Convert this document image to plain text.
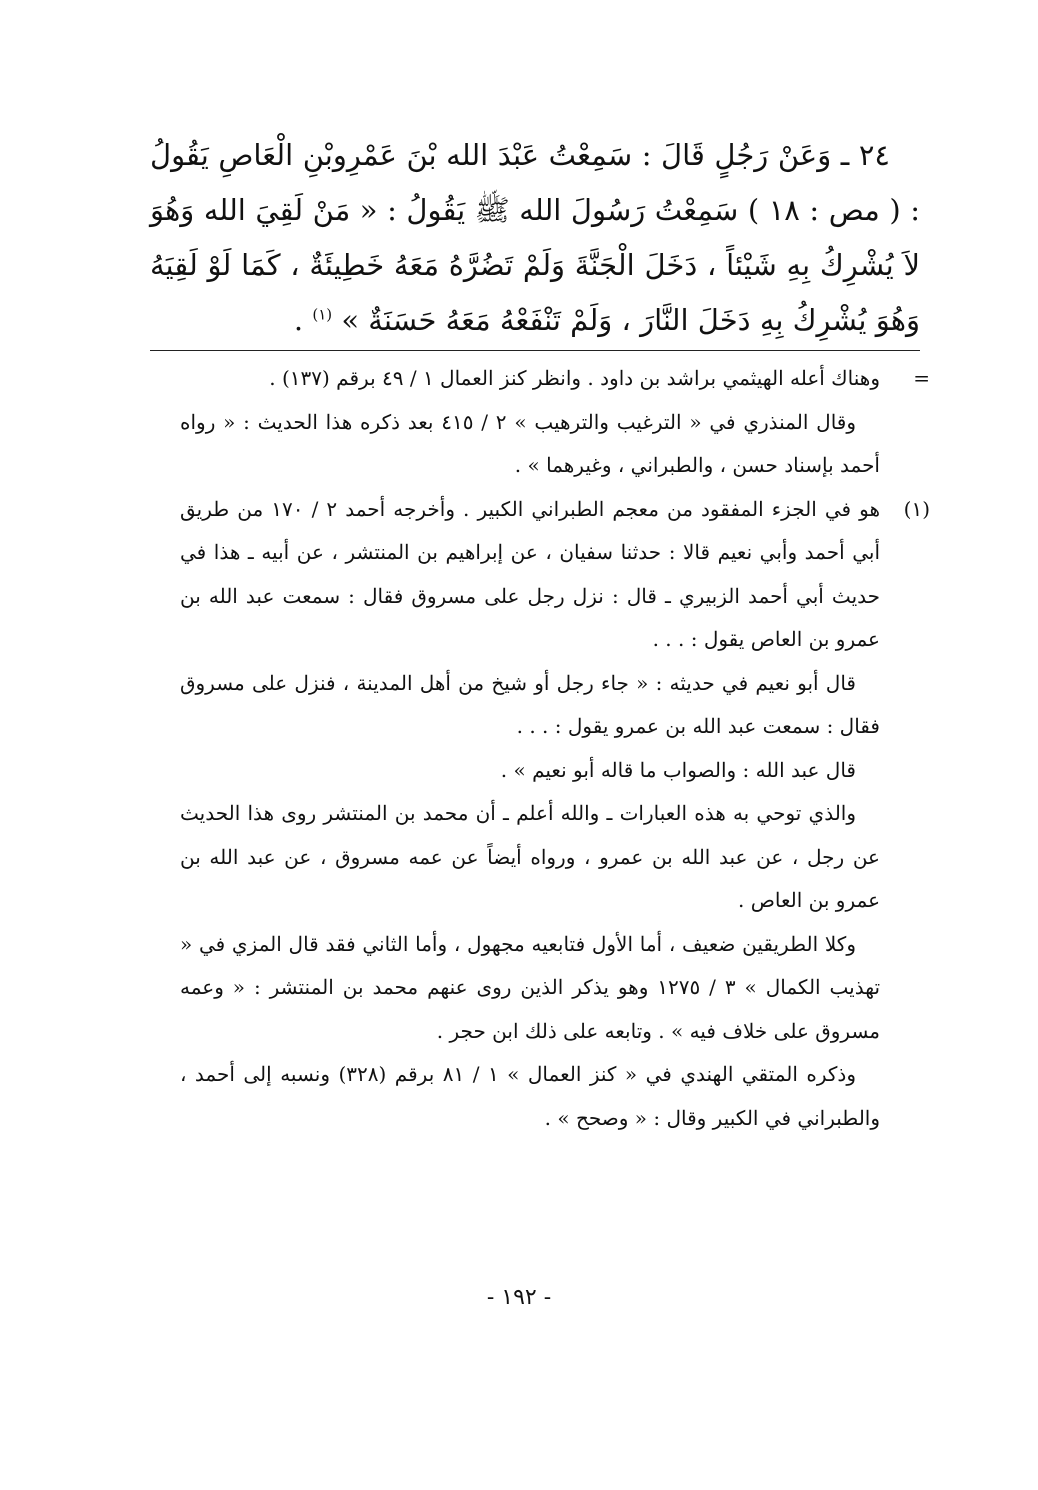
٢٤ ـ وَعَنْ رَجُلٍ قَالَ : سَمِعْتُ عَبْدَ الله بْنَ عَمْرِوبْنِ الْعَاصِ يَقُولُ : ( مص : ١٨ ) سَمِعْتُ رَسُولَ الله ﷺ يَقُولُ : « مَنْ لَقِيَ الله وَهُوَ لاَ يُشْرِكُ بِهِ شَيْئاً ، دَخَلَ الْجَنَّةَ وَلَمْ تَضُرَّهُ مَعَهُ خَطِيئَةٌ ، كَمَا لَوْ لَقِيَهُ وَهُوَ يُشْرِكُ بِهِ دَخَلَ النَّارَ ، وَلَمْ تَنْفَعْهُ مَعَهُ حَسَنَةٌ » $^{(١)}$ .

=
وهناك أعله الهيثمي براشد بن داود . وانظر كنز العمال ١ / ٤٩ برقم (١٣٧) .

وقال المنذري في « الترغيب والترهيب » ٢ / ٤١٥ بعد ذكره هذا الحديث : « رواه أحمد بإسناد حسن ، والطبراني ، وغيرهما » .

(١)
هو في الجزء المفقود من معجم الطبراني الكبير . وأخرجه أحمد ٢ / ١٧٠ من طريق أبي أحمد وأبي نعيم قالا : حدثنا سفيان ، عن إبراهيم بن المنتشر ، عن أبيه ـ هذا في حديث أبي أحمد الزبيري ـ قال : نزل رجل على مسروق فقال : سمعت عبد الله بن عمرو بن العاص يقول : . . .

قال أبو نعيم في حديثه : « جاء رجل أو شيخ من أهل المدينة ، فنزل على مسروق فقال : سمعت عبد الله بن عمرو يقول : . . .

قال عبد الله : والصواب ما قاله أبو نعيم » .

والذي توحي به هذه العبارات ـ والله أعلم ـ أن محمد بن المنتشر روى هذا الحديث عن رجل ، عن عبد الله بن عمرو ، ورواه أيضاً عن عمه مسروق ، عن عبد الله بن عمرو بن العاص .

وكلا الطريقين ضعيف ، أما الأول فتابعيه مجهول ، وأما الثاني فقد قال المزي في « تهذيب الكمال » ٣ / ١٢٧٥ وهو يذكر الذين روى عنهم محمد بن المنتشر : « وعمه مسروق على خلاف فيه » . وتابعه على ذلك ابن حجر .

وذكره المتقي الهندي في « كنز العمال » ١ / ٨١ برقم (٣٢٨) ونسبه إلى أحمد ، والطبراني في الكبير وقال : « وصحح » .

- ١٩٢ -
